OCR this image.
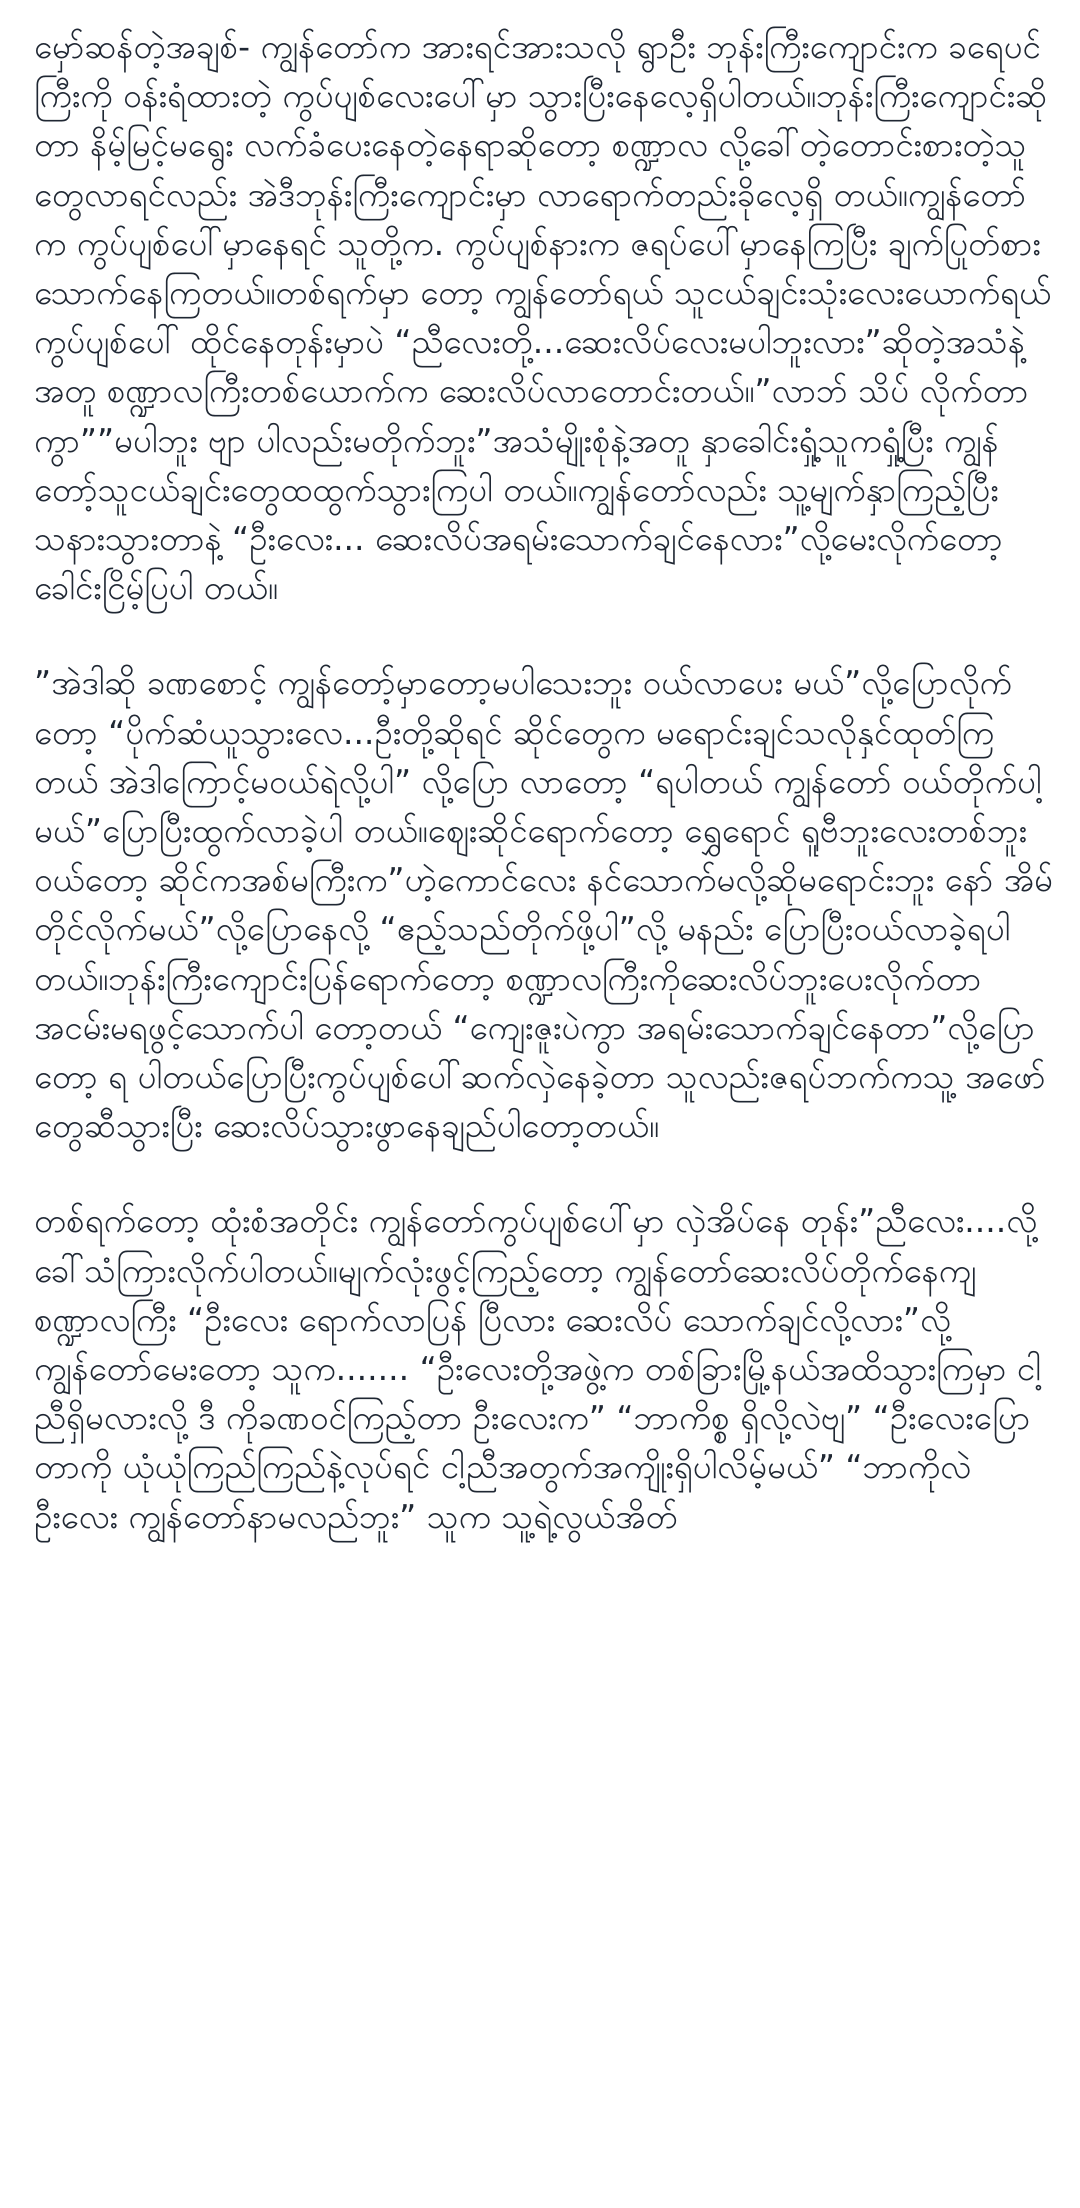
မှော်ဆန်တဲ့အချစ်- ကျွန်တော်က အားရင်အားသလို ရွာဦး ဘုန်းကြီးကျောင်းက ခရေပင်ကြီးကို ဝန်းရံထားတဲ့ ကွပ်ပျစ်လေးပေါ်မှာ သွားပြီးနေလေ့ရှိပါတယ်။ဘုန်းကြီးကျောင်းဆိုတာ နိမ့်မြင့်မရွေး လက်ခံပေးနေတဲ့နေရာဆိုတော့ စဏ္ဍာလ လို့ခေါ်တဲ့တောင်းစားတဲ့သူ တွေလာရင်လည်း အဲဒီဘုန်းကြီးကျောင်းမှာ လာရောက်တည်းခိုလေ့ရှိ တယ်။ကျွန်တော်က ကွပ်ပျစ်ပေါ်မှာနေရင် သူတို့က. ကွပ်ပျစ်နားက ဇရပ်ပေါ်မှာနေကြပြီး ချက်ပြုတ်စားသောက်နေကြတယ်။တစ်ရက်မှာ တော့ ကျွန်တော်ရယ် သူငယ်ချင်းသုံးလေးယောက်ရယ် ကွပ်ပျစ်ပေါ် ထိုင်နေတုန်းမှာပဲ “ညီလေးတို့...ဆေးလိပ်လေးမပါဘူးလား”ဆိုတဲ့အသံနဲ့ အတူ စဏ္ဍာလကြီးတစ်ယောက်က ဆေးလိပ်လာတောင်းတယ်။”လာဘ် သိပ် လိုက်တာကွာ””မပါဘူး ဗျာ ပါလည်းမတိုက်ဘူး”အသံမျိုးစုံနဲ့အတူ နှာခေါင်းရှုံ့သူကရှုံ့ပြီး ကျွန်တော့်သူငယ်ချင်းတွေထထွက်သွားကြပါ တယ်။ကျွန်တော်လည်း သူ့မျက်နှာကြည့်ပြီးသနားသွားတာနဲ့ “ဦးလေး... ဆေးလိပ်အရမ်းသောက်ချင်နေလား”လို့မေးလိုက်တော့ ခေါင်းငြိမ့်ပြပါ တယ်။

”အဲဒါဆို ခဏစောင့် ကျွန်တော့်မှာတော့မပါသေးဘူး ဝယ်လာပေး မယ်”လို့ပြောလိုက်တော့ “ပိုက်ဆံယူသွားလေ...ဦးတို့ဆိုရင် ဆိုင်တွေက မရောင်းချင်သလိုနှင်ထုတ်ကြတယ် အဲဒါကြောင့်မဝယ်ရဲလို့ပါ” လို့ပြော လာတော့ “ရပါတယ် ကျွန်တော် ဝယ်တိုက်ပါ့မယ်”ပြောပြီးထွက်လာခဲ့ပါ တယ်။ဈေးဆိုင်ရောက်တော့ ရွှေရောင် ရူဗီဘူးလေးတစ်ဘူးဝယ်တော့ ဆိုင်ကအစ်မကြီးက”ဟဲ့ကောင်လေး နင်သောက်မလို့ဆိုမရောင်းဘူး နော် အိမ်တိုင်လိုက်မယ်”လို့ပြောနေလို့ “ဧည့်သည်တိုက်ဖို့ပါ”လို့ မနည်း ပြောပြီးဝယ်လာခဲ့ရပါတယ်။ဘုန်းကြီးကျောင်းပြန်ရောက်တော့ စဏ္ဍာလကြီးကိုဆေးလိပ်ဘူးပေးလိုက်တာ အငမ်းမရဖွင့်သောက်ပါ တော့တယ် “ကျေးဇူးပဲကွာ အရမ်းသောက်ချင်နေတာ”လို့ပြောတော့ ရ ပါတယ်ပြောပြီးကွပ်ပျစ်ပေါ်ဆက်လှဲနေခဲ့တာ သူလည်းဇရပ်ဘက်ကသူ့ အဖော်တွေဆီသွားပြီး ဆေးလိပ်သွားဖွာနေချည်ပါတော့တယ်။

တစ်ရက်တော့ ထုံးစံအတိုင်း ကျွန်တော်ကွပ်ပျစ်ပေါ်မှာ လှဲအိပ်နေ တုန်း”ညီလေး....လို့ခေါ်သံကြားလိုက်ပါတယ်။မျက်လုံးဖွင့်ကြည့်တော့ ကျွန်တော်ဆေးလိပ်တိုက်နေကျ စဏ္ဍာလကြီး “ဦးလေး ရောက်လာပြန် ပြီလား ဆေးလိပ် သောက်ချင်လို့လား”လို့ကျွန်တော်မေးတော့ သူက....... “ဦးလေးတို့အဖွဲ့က တစ်ခြားမြို့နယ်အထိသွားကြမှာ ငါ့ညီရှိမလားလို့ ဒီ ကိုခဏဝင်ကြည့်တာ ဦးလေးက” “ဘာကိစ္စ ရှိလို့လဲဗျ” “ဦးလေးပြော တာကို ယုံယုံကြည်ကြည်နဲ့လုပ်ရင် ငါ့ညီအတွက်အကျိုးရှိပါလိမ့်မယ်” “ဘာကိုလဲ ဦးလေး ကျွန်တော်နာမလည်ဘူး” သူက သူ့ရဲ့လွယ်အိတ်
